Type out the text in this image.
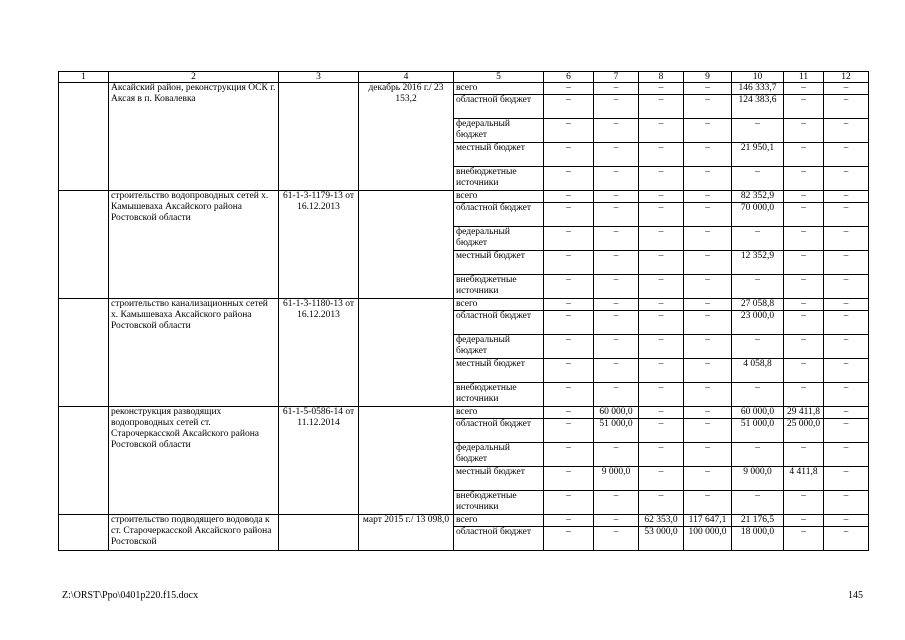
1	2	3	4	5	6	7	8	9	10	11	12
	Аксайский район, реконструкция ОСК г. Аксая в п. Ковалевка		декабрь 2016 г./ 23 153,2	всего	–	–	–	–	146 333,7	–	–
				областной бюджет	–	–	–	–	124 383,6	–	–
				федеральный бюджет	–	–	–	–	–	–	–
				местный бюджет	–	–	–	–	21 950,1	–	–
				внебюджетные источники	–	–	–	–	–	–	–
	строительство водопроводных сетей х. Камышеваха Аксайского района Ростовской области	61-1-3-1179-13 от 16.12.2013		всего	–	–	–	–	82 352,9	–	–
				областной бюджет	–	–	–	–	70 000,0	–	–
				федеральный бюджет	–	–	–	–	–	–	–
				местный бюджет	–	–	–	–	12 352,9	–	–
				внебюджетные источники	–	–	–	–	–	–	–
	строительство канализационных сетей х. Камышеваха Аксайского района Ростовской области	61-1-3-1180-13 от 16.12.2013		всего	–	–	–	–	27 058,8	–	–
				областной бюджет	–	–	–	–	23 000,0	–	–
				федеральный бюджет	–	–	–	–	–	–	–
				местный бюджет	–	–	–	–	4 058,8	–	–
				внебюджетные источники	–	–	–	–	–	–	–
	реконструкция разводящих водопроводных сетей ст. Старочеркасской Аксайского района Ростовской области	61-1-5-0586-14 от 11.12.2014		всего	–	60 000,0	–	–	60 000,0	29 411,8	–
				областной бюджет	–	51 000,0	–	–	51 000,0	25 000,0	–
				федеральный бюджет	–	–	–	–	–	–	–
				местный бюджет	–	9 000,0	–	–	9 000,0	4 411,8	–
				внебюджетные источники	–	–	–	–	–	–	–
	строительство подводящего водовода к ст. Старочеркасской Аксайского района Ростовской		март 2015 г./ 13 098,0	всего	–	–	62 353,0	117 647,1	21 176,5	–	–
				областной бюджет	–	–	53 000,0	100 000,0	18 000,0	–	–
Z:\ORST\Ppo\0401p220.f15.docx	145
